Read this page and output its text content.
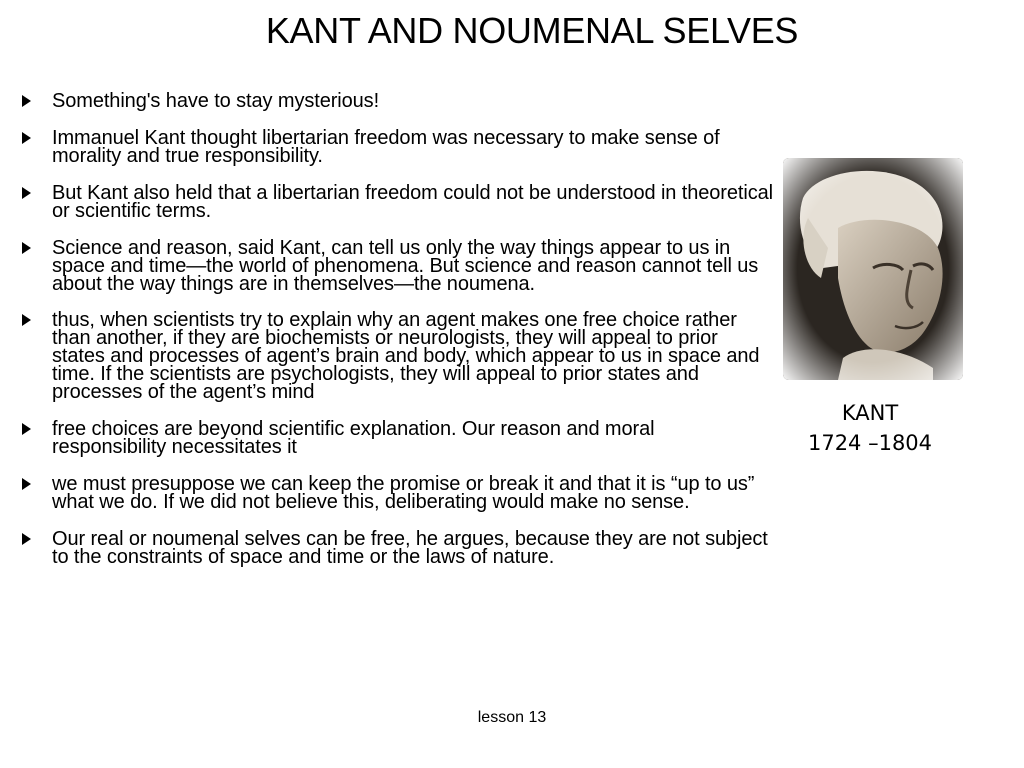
KANT AND NOUMENAL SELVES
Something's have to stay mysterious!
Immanuel Kant thought libertarian freedom was necessary to make sense of morality and true responsibility.
But Kant also held that a libertarian freedom could not be understood in theoretical or scientific terms.
Science and reason, said Kant, can tell us only the way things appear to us in space and time—the world of phenomena. But science and reason cannot tell us about the way things are in themselves—the noumena.
thus, when scientists try to explain why an agent makes one free choice rather than another, if they are biochemists or neurologists, they will appeal to prior states and processes of agent’s brain and body, which appear to us in space and time. If the scientists are psychologists, they will appeal to prior states and processes of the agent’s mind
free choices are beyond scientific explanation. Our reason and moral responsibility necessitates it
we must presuppose we can keep the promise or break it and that it is “up to us” what we do. If we did not believe this, deliberating would make no sense.
Our real or noumenal selves can be free, he argues, because they are not subject to the constraints of space and time or the laws of nature.
KANT
1724 –1804
lesson 13
